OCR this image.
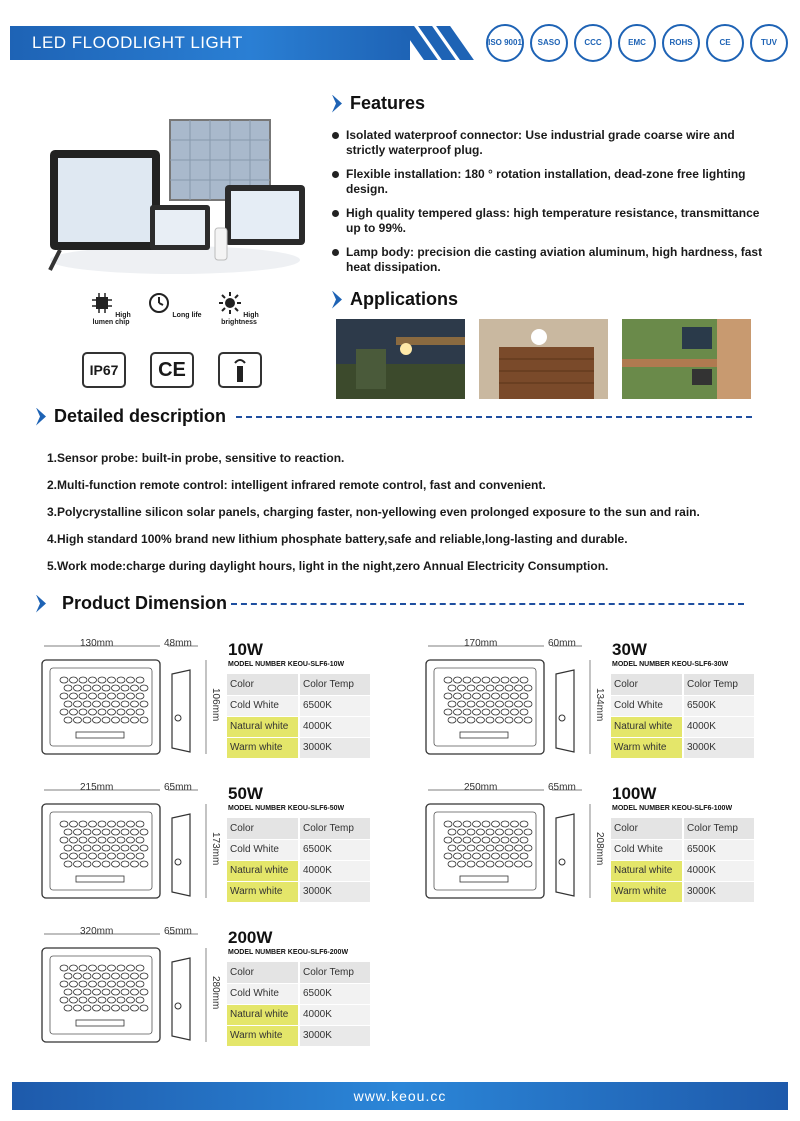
LED FLOODLIGHT LIGHT	ISO 9001	SASO	CCC	EMC	ROHS	CE	TUV
High lumen chip
Long life	High brightness
IP67	CE
Features
Isolated waterproof connector: Use industrial grade coarse wire and strictly waterproof plug.
Flexible installation: 180 ° rotation installation, dead-zone free lighting design.
High quality tempered glass: high temperature resistance, transmittance up to 99%.
Lamp body: precision die casting aviation aluminum, high hardness, fast heat dissipation.
Applications
Detailed description

1.Sensor probe: built-in probe, sensitive to reaction.

2.Multi-function remote control: intelligent infrared remote control, fast and convenient.

3.Polycrystalline silicon solar panels, charging faster, non-yellowing even prolonged exposure to the sun and rain.

4.High standard 100% brand new lithium phosphate battery,safe and reliable,long-lasting and durable.

5.Work mode:charge during daylight hours, light in the night,zero Annual Electricity Consumption.

Product Dimension
130mm	48mm
106mm
10W
MODEL NUMBER KEOU-SLF6-10W
Color	Color Temp
Cold White	6500K
Natural white	4000K
Warm white	3000K
170mm	60mm
134mm
30W
MODEL NUMBER KEOU-SLF6-30W
Color	Color Temp
Cold White	6500K
Natural white	4000K
Warm white	3000K
215mm	65mm
173mm
50W
MODEL NUMBER KEOU-SLF6-50W
Color	Color Temp
Cold White	6500K
Natural white	4000K
Warm white	3000K
250mm	65mm
208mm
100W
MODEL NUMBER KEOU-SLF6-100W
Color	Color Temp
Cold White	6500K
Natural white	4000K
Warm white	3000K
320mm	65mm
280mm
200W
MODEL NUMBER KEOU-SLF6-200W
Color	Color Temp
Cold White	6500K
Natural white	4000K
Warm white	3000K
www.keou.cc
